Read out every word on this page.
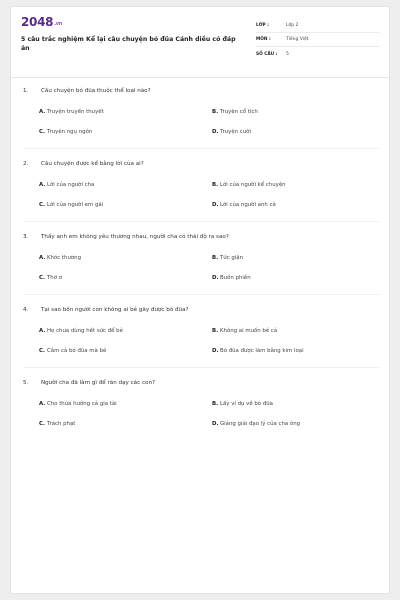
2048.vn
5 câu trắc nghiệm Kể lại câu chuyện bó đũa Cánh diều có đáp án
LỚP :	Lớp 2
MÔN :	Tiếng Việt
SỐ CÂU :	5
1.	Câu chuyện bó đũa thuộc thể loại nào?
A. Truyện truyền thuyết	B. Truyện cổ tích
C. Truyện ngụ ngôn	D. Truyện cười
2.	Câu chuyện được kể bằng lời của ai?
A. Lời của người cha	B. Lời của người kể chuyện
C. Lời của người em gái	D. Lời của người anh cả
3.	Thấy anh em không yêu thương nhau, người cha có thái độ ra sao?
A. Khóc thương	B. Tức giận
C. Thờ ơ	D. Buồn phiền
4.	Tại sao bốn người con không ai bẻ gãy được bó đũa?
A. Họ chưa dùng hết sức để bẻ	B. Không ai muốn bẻ cả
C. Cầm cả bó đũa mà bẻ	D. Bó đũa được làm bằng kim loại
5.	Người cha đã làm gì để răn dạy các con?
A. Cho thừa hưởng cả gia tài	B. Lấy ví dụ về bó đũa
C. Trách phạt	D. Giảng giải đạo lý của cha ông
